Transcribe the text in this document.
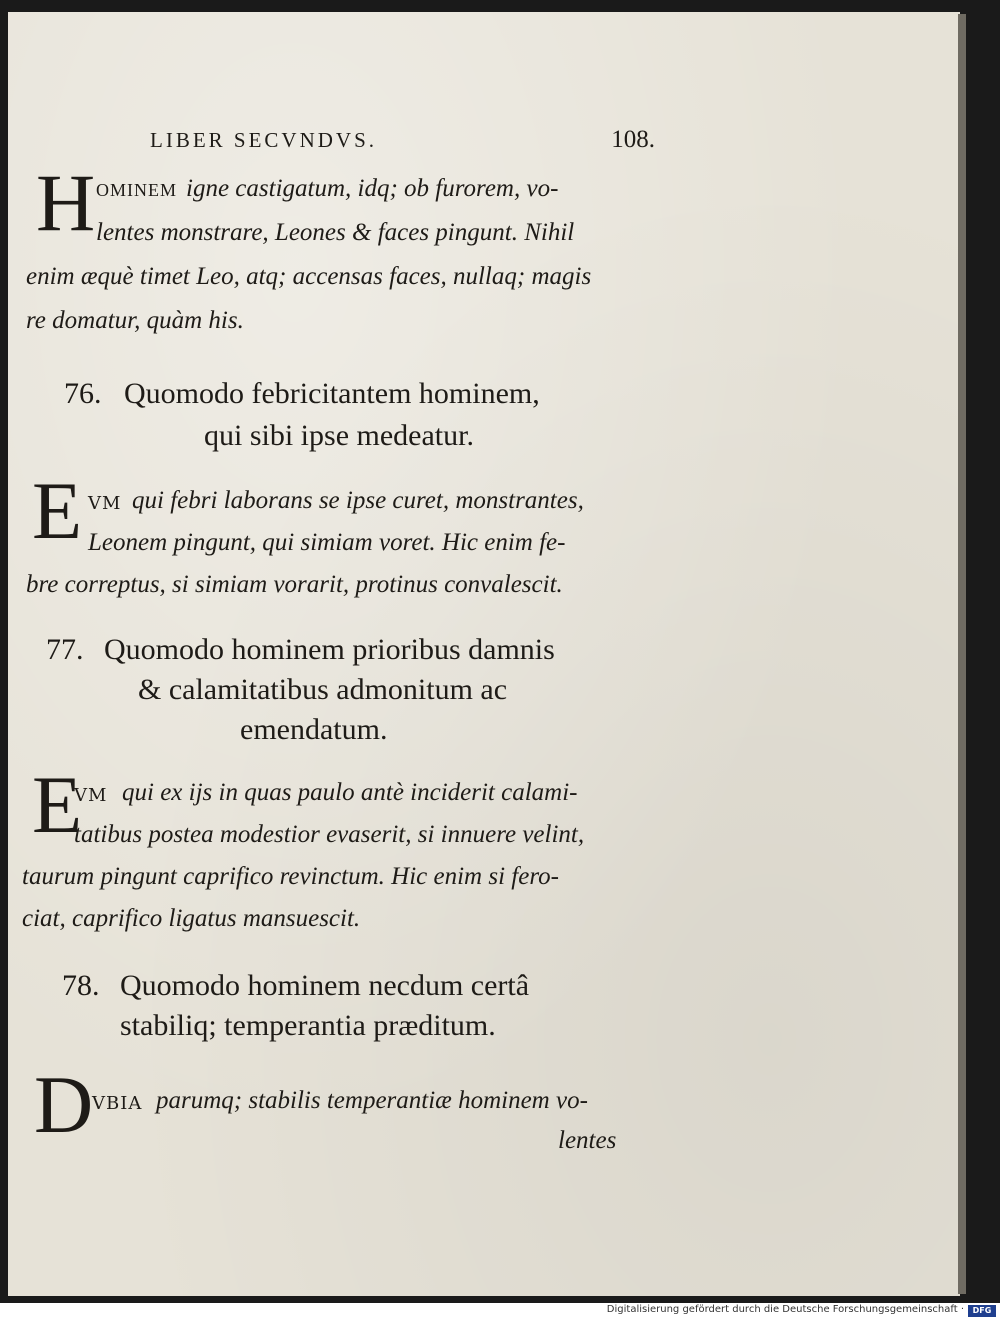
LIBER SECVNDVS.	108.
H OMINEM igne castigatum, idq; ob furorem, vo-
lentes monstrare, Leones & faces pingunt. Nihil
enim æquè timet Leo, atq; accensas faces, nullaq; magis
re domatur, quàm his.
76. Quomodo febricitantem hominem,
qui sibi ipse medeatur.
E VM qui febri laborans se ipse curet, monstrantes,
Leonem pingunt, qui simiam voret. Hic enim fe-
bre correptus, si simiam vorarit, protinus convalescit.
77. Quomodo hominem prioribus damnis
& calamitatibus admonitum ac
emendatum.
E
VM qui ex ijs in quas paulo antè inciderit calami-
tatibus postea modestior evaserit, si innuere velint,
taurum pingunt caprifico revinctum. Hic enim si fero-
ciat, caprifico ligatus mansuescit.
78. Quomodo hominem necdum certâ
stabiliq; temperantia præditum.
D
VBIA parumq; stabilis temperantiæ hominem vo-
lentes
Digitalisierung gefördert durch die Deutsche Forschungsgemeinschaft ·	DFG
